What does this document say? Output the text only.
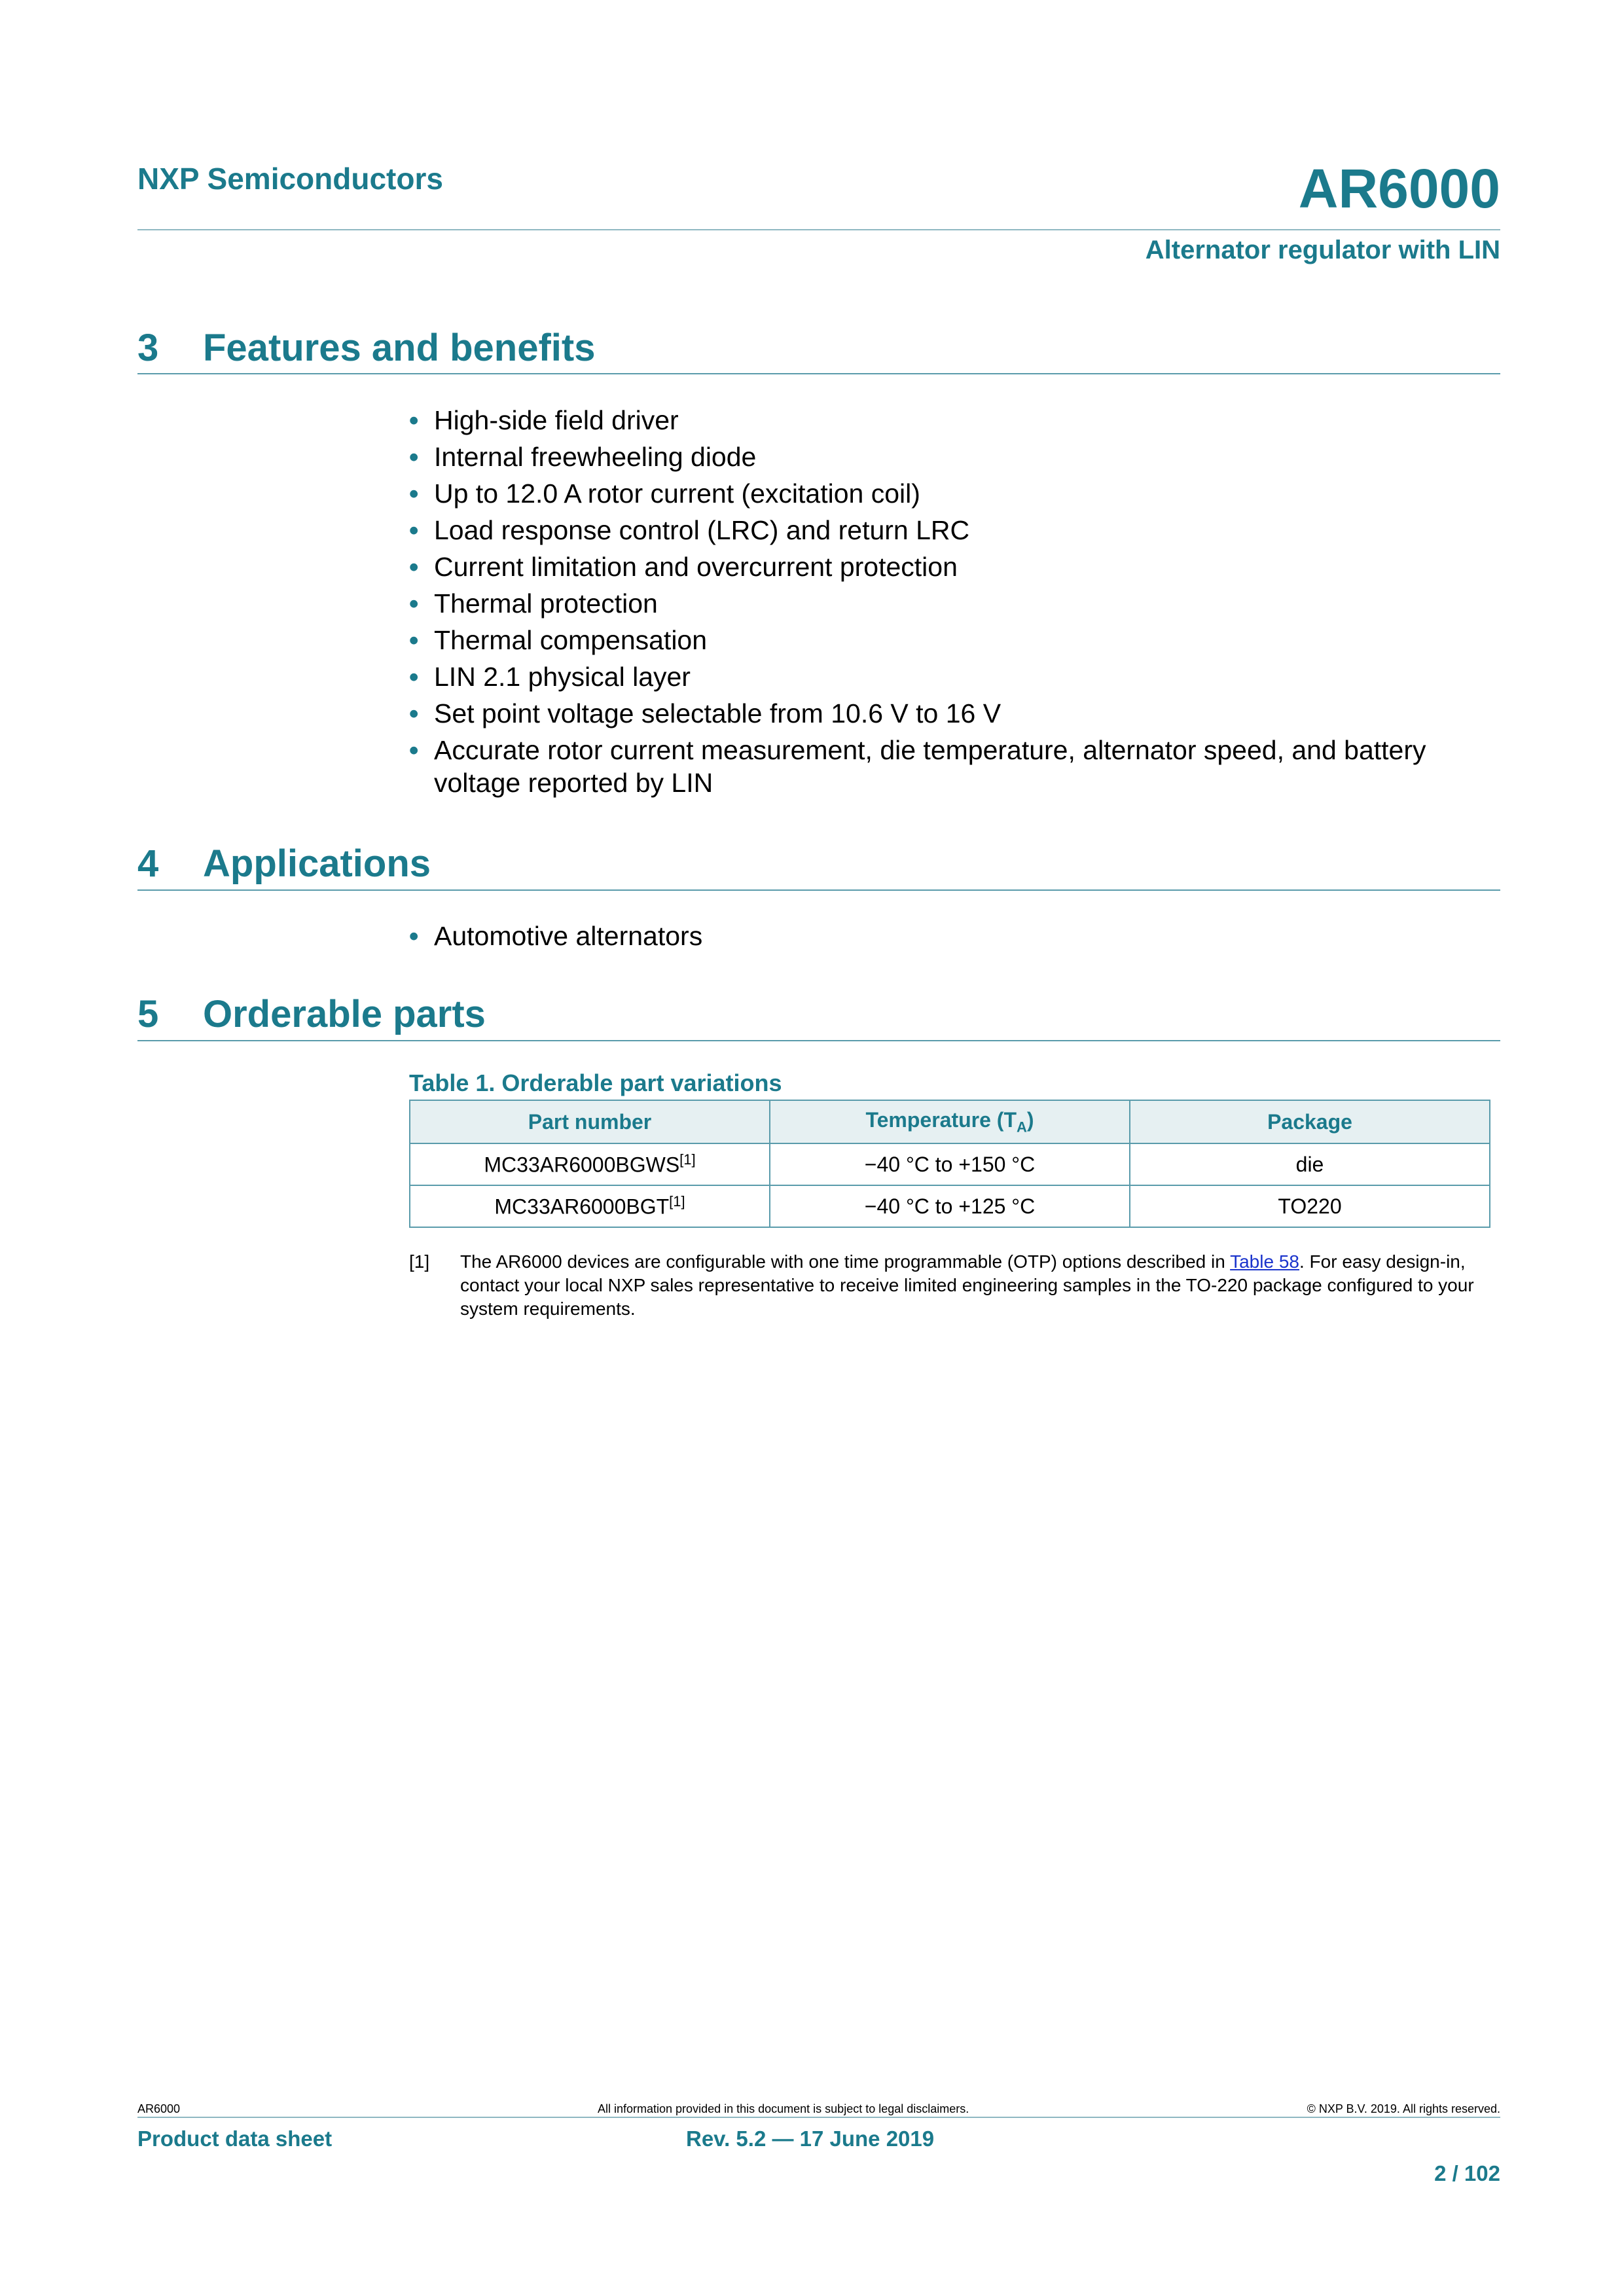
NXP Semiconductors	AR6000
Alternator regulator with LIN
3 Features and benefits
• High-side field driver
• Internal freewheeling diode
• Up to 12.0 A rotor current (excitation coil)
• Load response control (LRC) and return LRC
• Current limitation and overcurrent protection
• Thermal protection
• Thermal compensation
• LIN 2.1 physical layer
• Set point voltage selectable from 10.6 V to 16 V
• Accurate rotor current measurement, die temperature, alternator speed, and battery voltage reported by LIN
4 Applications
• Automotive alternators
5 Orderable parts
Table 1. Orderable part variations
Part number	Temperature $(T_A)$	Package
MC33AR6000BGWS[1]	−40 °C to +150 °C	die
MC33AR6000BGT[1]	−40 °C to +125 °C	TO220
[1] The AR6000 devices are configurable with one time programmable (OTP) options described in Table 58. For easy design-in, contact your local NXP sales representative to receive limited engineering samples in the TO-220 package configured to your system requirements.
AR6000	All information provided in this document is subject to legal disclaimers.	© NXP B.V. 2019. All rights reserved.
Product data sheet	Rev. 5.2 — 17 June 2019
2 / 102
